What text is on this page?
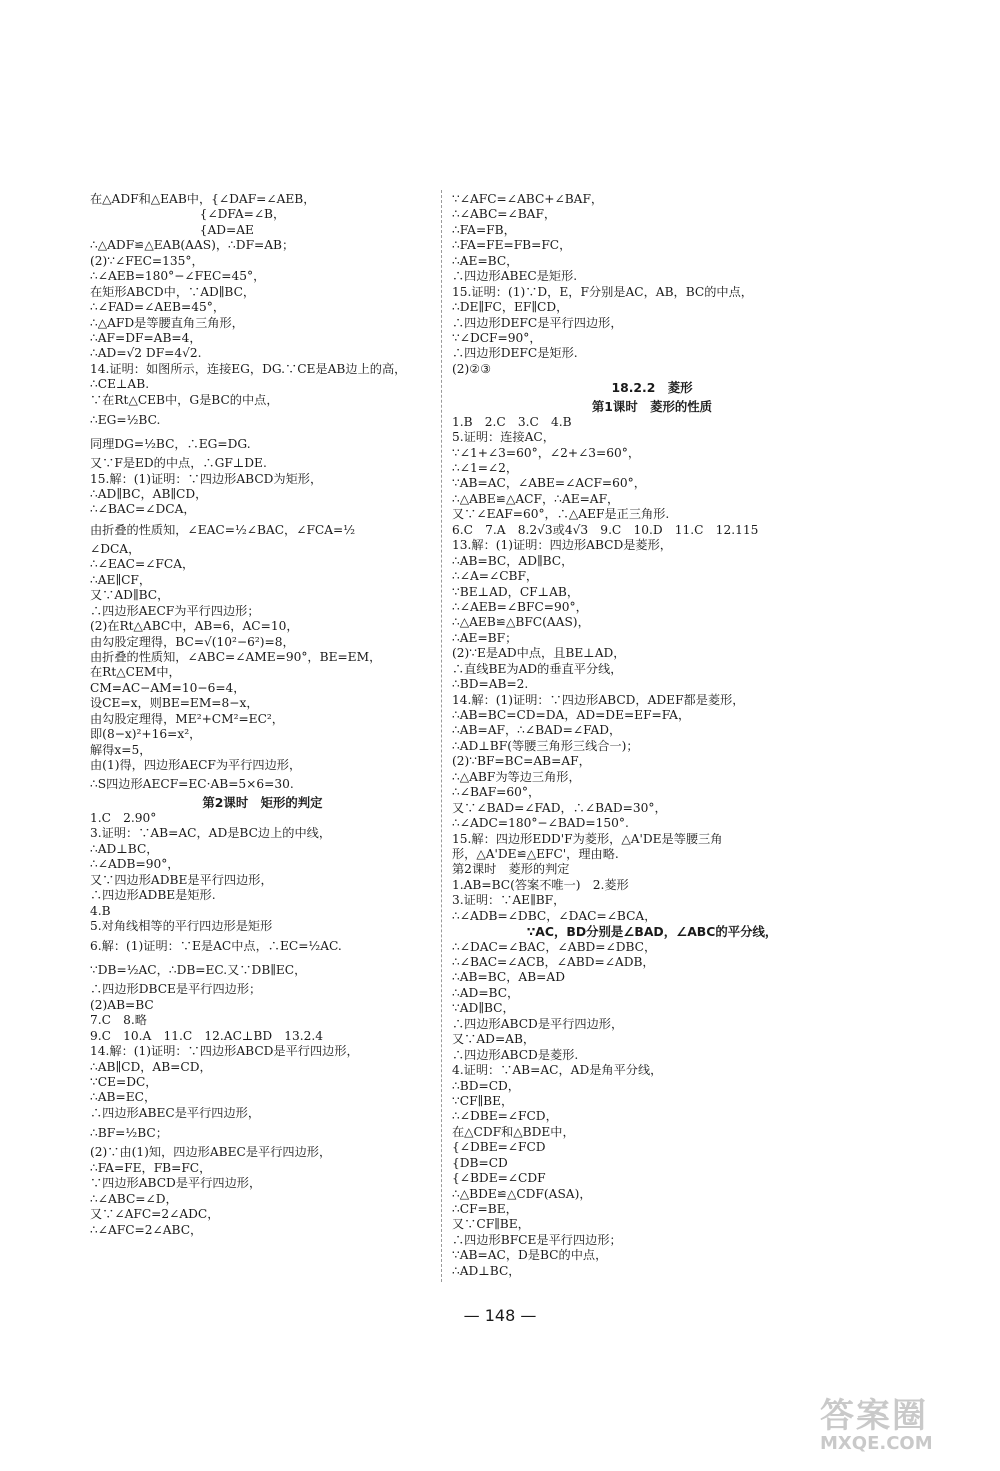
在△ADF和△EAB中，{∠DAF=∠AEB，
　　　　　　　　　{∠DFA=∠B，
　　　　　　　　　{AD=AE
∴△ADF≌△EAB(AAS)，∴DF=AB；
(2)∵∠FEC=135°，
∴∠AEB=180°−∠FEC=45°，
在矩形ABCD中，∵AD∥BC，
∴∠FAD=∠AEB=45°，
∴△AFD是等腰直角三角形，
∴AF=DF=AB=4，
∴AD=√2 DF=4√2.
14.证明：如图所示，连接EG，DG.∵CE是AB边上的高，
∴CE⊥AB.
∵在Rt△CEB中，G是BC的中点，
∴EG=½BC.
同理DG=½BC，∴EG=DG.
又∵F是ED的中点，∴GF⊥DE.
15.解：(1)证明：∵四边形ABCD为矩形，
∴AD∥BC，AB∥CD，
∴∠BAC=∠DCA，
由折叠的性质知，∠EAC=½∠BAC，∠FCA=½
∠DCA，
∴∠EAC=∠FCA，
∴AE∥CF，
又∵AD∥BC，
∴四边形AECF为平行四边形；
(2)在Rt△ABC中，AB=6，AC=10，
由勾股定理得，BC=√(10²−6²)=8，
由折叠的性质知，∠ABC=∠AME=90°，BE=EM，
在Rt△CEM中，
CM=AC−AM=10−6=4，
设CE=x，则BE=EM=8−x，
由勾股定理得，ME²+CM²=EC²，
即(8−x)²+16=x²，
解得x=5，
由(1)得，四边形AECF为平行四边形，
∴S四边形AECF=EC·AB=5×6=30.
第2课时　矩形的判定
1.C　2.90°
3.证明：∵AB=AC，AD是BC边上的中线，
∴AD⊥BC，
∴∠ADB=90°，
又∵四边形ADBE是平行四边形，
∴四边形ADBE是矩形.
4.B
5.对角线相等的平行四边形是矩形
6.解：(1)证明：∵E是AC中点，∴EC=½AC.
∵DB=½AC，∴DB=EC.又∵DB∥EC，
∴四边形DBCE是平行四边形；
(2)AB=BC
7.C　8.略
9.C　10.A　11.C　12.AC⊥BD　13.2.4
14.解：(1)证明：∵四边形ABCD是平行四边形，
∴AB∥CD，AB=CD，
∵CE=DC，
∴AB=EC，
∴四边形ABEC是平行四边形，
∴BF=½BC；
(2)∵由(1)知，四边形ABEC是平行四边形，
∴FA=FE，FB=FC，
∵四边形ABCD是平行四边形，
∴∠ABC=∠D，
又∵∠AFC=2∠ADC，
∴∠AFC=2∠ABC，
∵∠AFC=∠ABC+∠BAF，
∴∠ABC=∠BAF，
∴FA=FB，
∴FA=FE=FB=FC，
∴AE=BC，
∴四边形ABEC是矩形.
15.证明：(1)∵D，E，F分别是AC，AB，BC的中点，
∴DE∥FC，EF∥CD，
∴四边形DEFC是平行四边形，
∵∠DCF=90°，
∴四边形DEFC是矩形.
(2)②③
18.2.2　菱形
第1课时　菱形的性质
1.B　2.C　3.C　4.B
5.证明：连接AC，
∵∠1+∠3=60°，∠2+∠3=60°，
∴∠1=∠2，
∵AB=AC，∠ABE=∠ACF=60°，
∴△ABE≌△ACF，∴AE=AF，
又∵∠EAF=60°，∴△AEF是正三角形.
6.C　7.A　8.2√3或4√3　9.C　10.D　11.C　12.115
13.解：(1)证明：四边形ABCD是菱形，
∴AB=BC，AD∥BC，
∴∠A=∠CBF，
∵BE⊥AD，CF⊥AB，
∴∠AEB=∠BFC=90°，
∴△AEB≌△BFC(AAS)，
∴AE=BF；
(2)∵E是AD中点，且BE⊥AD，
∴直线BE为AD的垂直平分线，
∴BD=AB=2.
14.解：(1)证明：∵四边形ABCD，ADEF都是菱形，
∴AB=BC=CD=DA，AD=DE=EF=FA，
∴AB=AF，∴∠BAD=∠FAD，
∴AD⊥BF(等腰三角形三线合一)；
(2)∵BF=BC=AB=AF，
∴△ABF为等边三角形，
∴∠BAF=60°，
又∵∠BAD=∠FAD，∴∠BAD=30°，
∴∠ADC=180°−∠BAD=150°.
15.解：四边形EDD'F为菱形，△A'DE是等腰三角
形，△A'DE≌△EFC'，理由略.
第2课时　菱形的判定
1.AB=BC(答案不唯一)　2.菱形
3.证明：∵AE∥BF，
∴∠ADB=∠DBC，∠DAC=∠BCA，
∵AC，BD分别是∠BAD，∠ABC的平分线，
∴∠DAC=∠BAC，∠ABD=∠DBC，
∴∠BAC=∠ACB，∠ABD=∠ADB，
∴AB=BC，AB=AD
∴AD=BC，
∵AD∥BC，
∴四边形ABCD是平行四边形，
又∵AD=AB，
∴四边形ABCD是菱形.
4.证明：∵AB=AC，AD是角平分线，
∴BD=CD，
∵CF∥BE，
∴∠DBE=∠FCD，
在△CDF和△BDE中，
{∠DBE=∠FCD
{DB=CD
{∠BDE=∠CDF
∴△BDE≌△CDF(ASA)，
∴CF=BE，
又∵CF∥BE，
∴四边形BFCE是平行四边形；
∵AB=AC，D是BC的中点，
∴AD⊥BC，
— 148 —
答案圈
MXQE.COM
